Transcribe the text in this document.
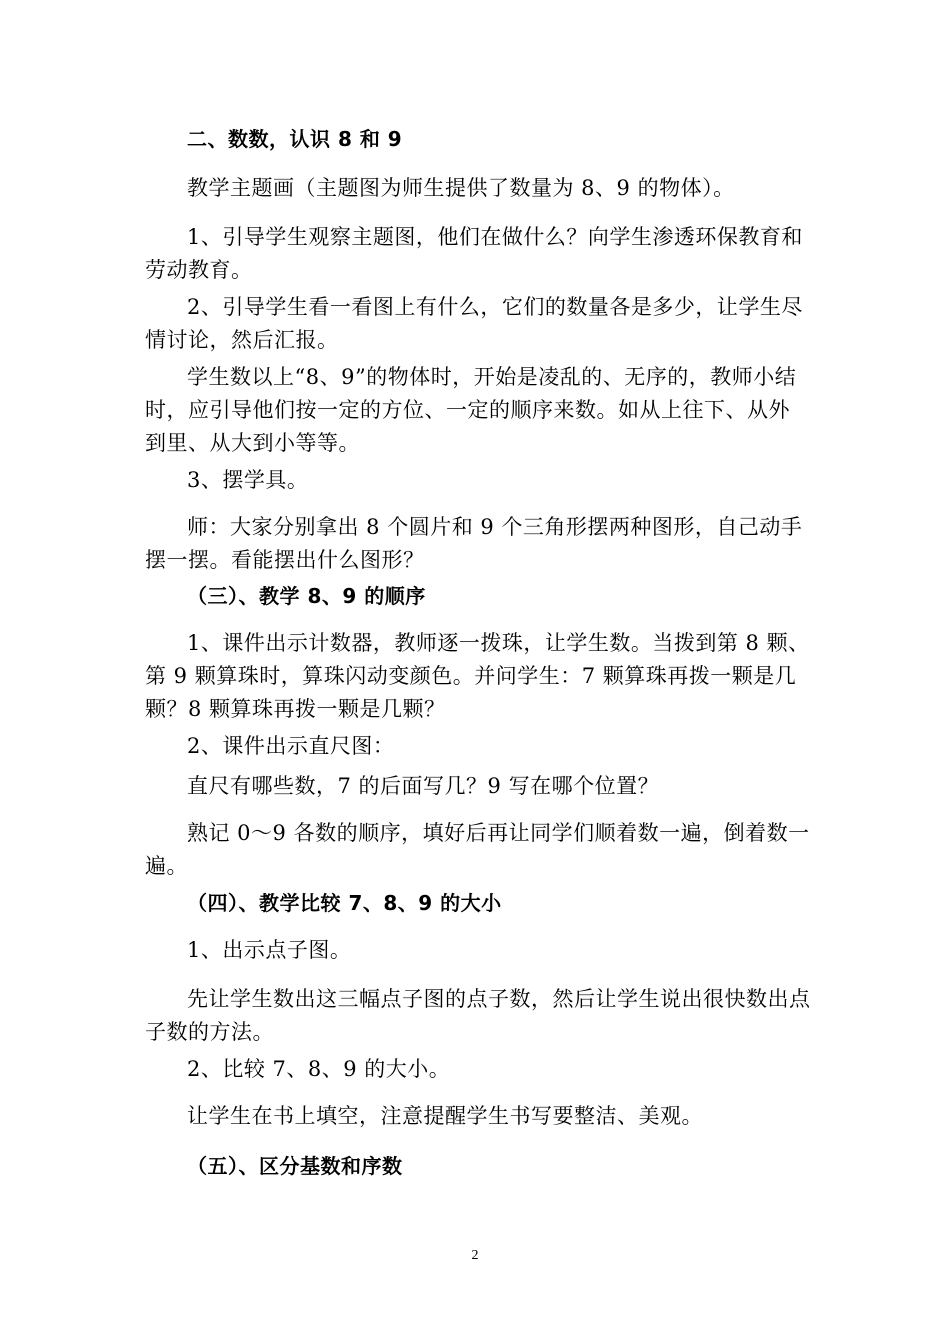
二、数数，认识 8 和 9
教学主题画（主题图为师生提供了数量为 8、9 的物体）。
1、引导学生观察主题图，他们在做什么？向学生渗透环保教育和劳动教育。
2、引导学生看一看图上有什么，它们的数量各是多少，让学生尽情讨论，然后汇报。
学生数以上“8、9”的物体时，开始是凌乱的、无序的，教师小结时，应引导他们按一定的方位、一定的顺序来数。如从上往下、从外到里、从大到小等等。
3、摆学具。
师：大家分别拿出 8 个圆片和 9 个三角形摆两种图形，自己动手摆一摆。看能摆出什么图形？
（三）、教学 8、9 的顺序
1、课件出示计数器，教师逐一拨珠，让学生数。当拨到第 8 颗、第 9 颗算珠时，算珠闪动变颜色。并问学生：7 颗算珠再拨一颗是几颗？8 颗算珠再拨一颗是几颗？
2、课件出示直尺图：
直尺有哪些数，7 的后面写几？9 写在哪个位置？
熟记 0～9 各数的顺序，填好后再让同学们顺着数一遍，倒着数一遍。
（四）、教学比较 7、8、9 的大小
1、出示点子图。
先让学生数出这三幅点子图的点子数，然后让学生说出很快数出点子数的方法。
2、比较 7、8、9 的大小。
让学生在书上填空，注意提醒学生书写要整洁、美观。
（五）、区分基数和序数
2
